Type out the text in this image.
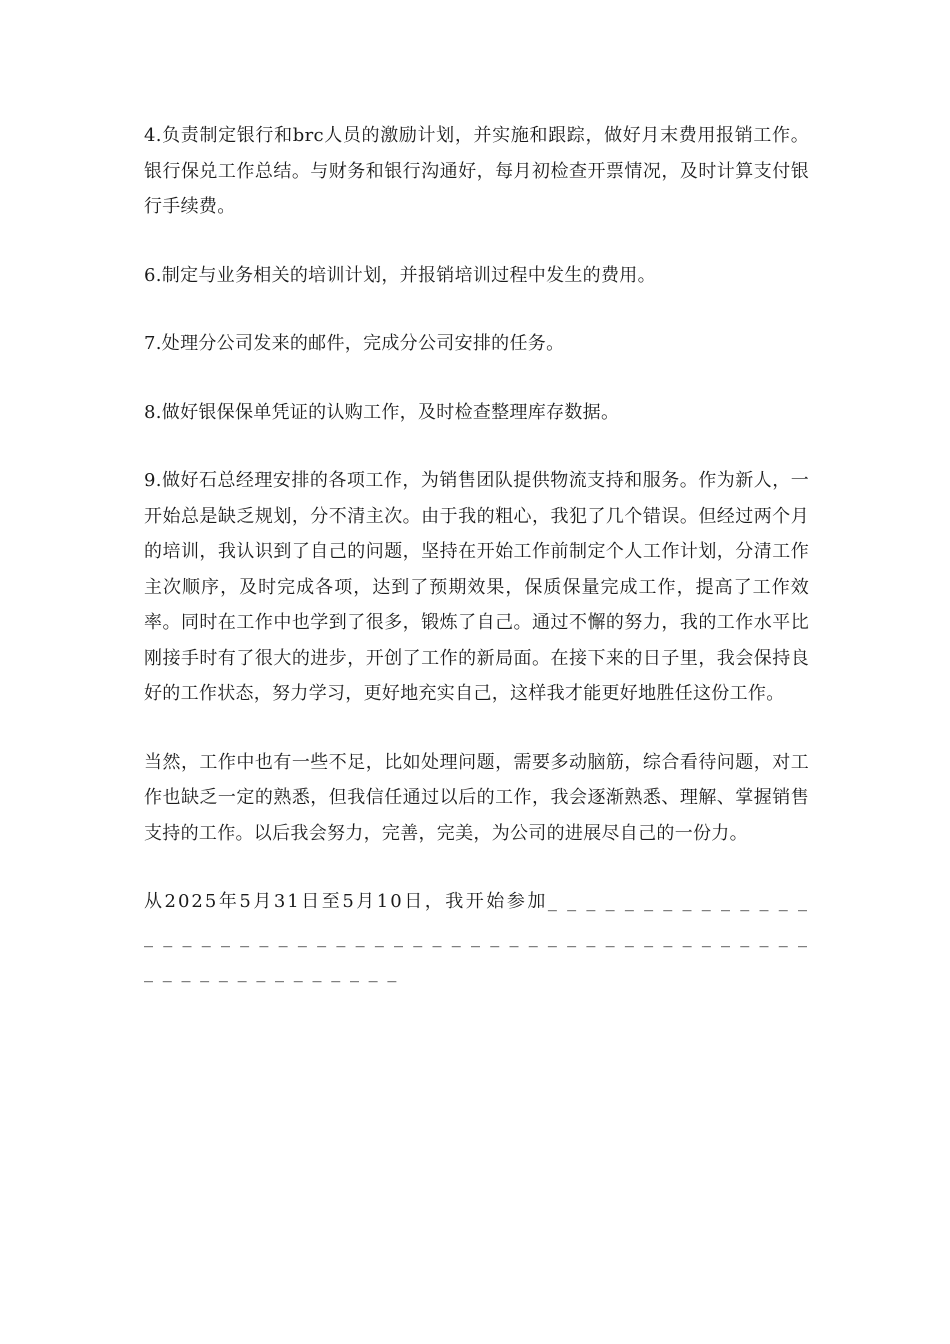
4.负责制定银行和brc人员的激励计划，并实施和跟踪，做好月末费用报销工作。银行保兑工作总结。与财务和银行沟通好，每月初检查开票情况，及时计算支付银行手续费。

6.制定与业务相关的培训计划，并报销培训过程中发生的费用。

7.处理分公司发来的邮件，完成分公司安排的任务。

8.做好银保保单凭证的认购工作，及时检查整理库存数据。

9.做好石总经理安排的各项工作，为销售团队提供物流支持和服务。作为新人，一开始总是缺乏规划，分不清主次。由于我的粗心，我犯了几个错误。但经过两个月的培训，我认识到了自己的问题，坚持在开始工作前制定个人工作计划，分清工作主次顺序，及时完成各项，达到了预期效果，保质保量完成工作，提高了工作效率。同时在工作中也学到了很多，锻炼了自己。通过不懈的努力，我的工作水平比刚接手时有了很大的进步，开创了工作的新局面。在接下来的日子里，我会保持良好的工作状态，努力学习，更好地充实自己，这样我才能更好地胜任这份工作。

当然，工作中也有一些不足，比如处理问题，需要多动脑筋，综合看待问题，对工作也缺乏一定的熟悉，但我信任通过以后的工作，我会逐渐熟悉、理解、掌握销售支持的工作。以后我会努力，完善，完美，为公司的进展尽自己的一份力。

从2025年5月31日至5月10日，我开始参加_ _ _ _ _ _ _ _ _ _ _ _ _ _ _ _ _ _ _ _ _ _ _ _ _ _ _ _ _ _ _ _ _ _ _ _ _ _ _ _ _ _ _ _ _ _ _ _ _ _ _ _ _ _ _ _ _ _ _ _ _ _ _
